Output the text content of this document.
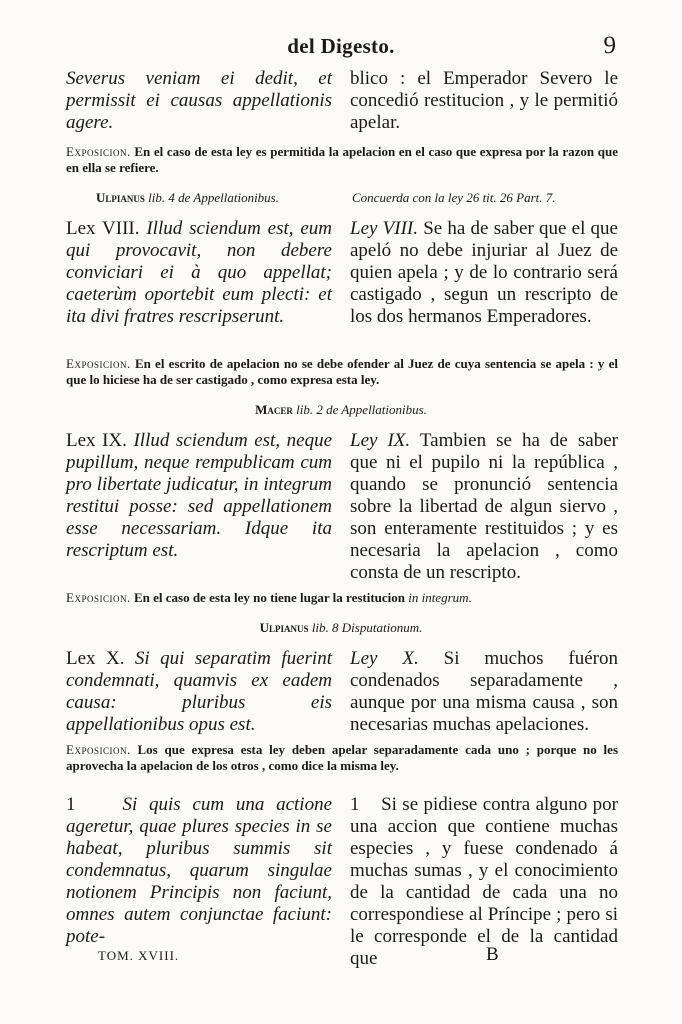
del Digesto.	9
Severus veniam ei dedit, et permissit ei causas appellationis agere.
blico : el Emperador Severo le concedió restitucion , y le permitió apelar.
Exposicion. En el caso de esta ley es permitida la apelacion en el caso que expresa por la razon que en ella se refiere.
Ulpianus lib. 4 de Appellationibus.	Concuerda con la ley 26 tit. 26 Part. 7.
Lex VIII. Illud sciendum est, eum qui provocavit, non debere conviciari ei à quo appellat; caeterùm oportebit eum plecti: et ita divi fratres rescripserunt.
Ley VIII. Se ha de saber que el que apeló no debe injuriar al Juez de quien apela ; y de lo contrario será castigado , segun un rescripto de los dos hermanos Emperadores.
Exposicion. En el escrito de apelacion no se debe ofender al Juez de cuya sentencia se apela : y el que lo hiciese ha de ser castigado , como expresa esta ley.
Macer lib. 2 de Appellationibus.
Lex IX. Illud sciendum est, neque pupillum, neque rempublicam cum pro libertate judicatur, in integrum restitui posse: sed appellationem esse necessariam. Idque ita rescriptum est.
Ley IX. Tambien se ha de saber que ni el pupilo ni la república , quando se pronunció sentencia sobre la libertad de algun siervo , son enteramente restituidos ; y es necesaria la apelacion , como consta de un rescripto.
Exposicion. En el caso de esta ley no tiene lugar la restitucion in integrum.
Ulpianus lib. 8 Disputationum.
Lex X. Si qui separatim fuerint condemnati, quamvis ex eadem causa: pluribus eis appellationibus opus est.
Ley X. Si muchos fuéron condenados separadamente , aunque por una misma causa , son necesarias muchas apelaciones.
Exposicion. Los que expresa esta ley deben apelar separadamente cada uno ; porque no les aprovecha la apelacion de los otros , como dice la misma ley.
1 Si quis cum una actione ageretur, quae plures species in se habeat, pluribus summis sit condemnatus, quarum singulae notionem Principis non faciunt, omnes autem conjunctae faciunt: pote-
1 Si se pidiese contra alguno por una accion que contiene muchas especies , y fuese condenado á muchas sumas , y el conocimiento de la cantidad de cada una no correspondiese al Príncipe ; pero si le corresponde el de la cantidad que
TOM. XVIII.	B
